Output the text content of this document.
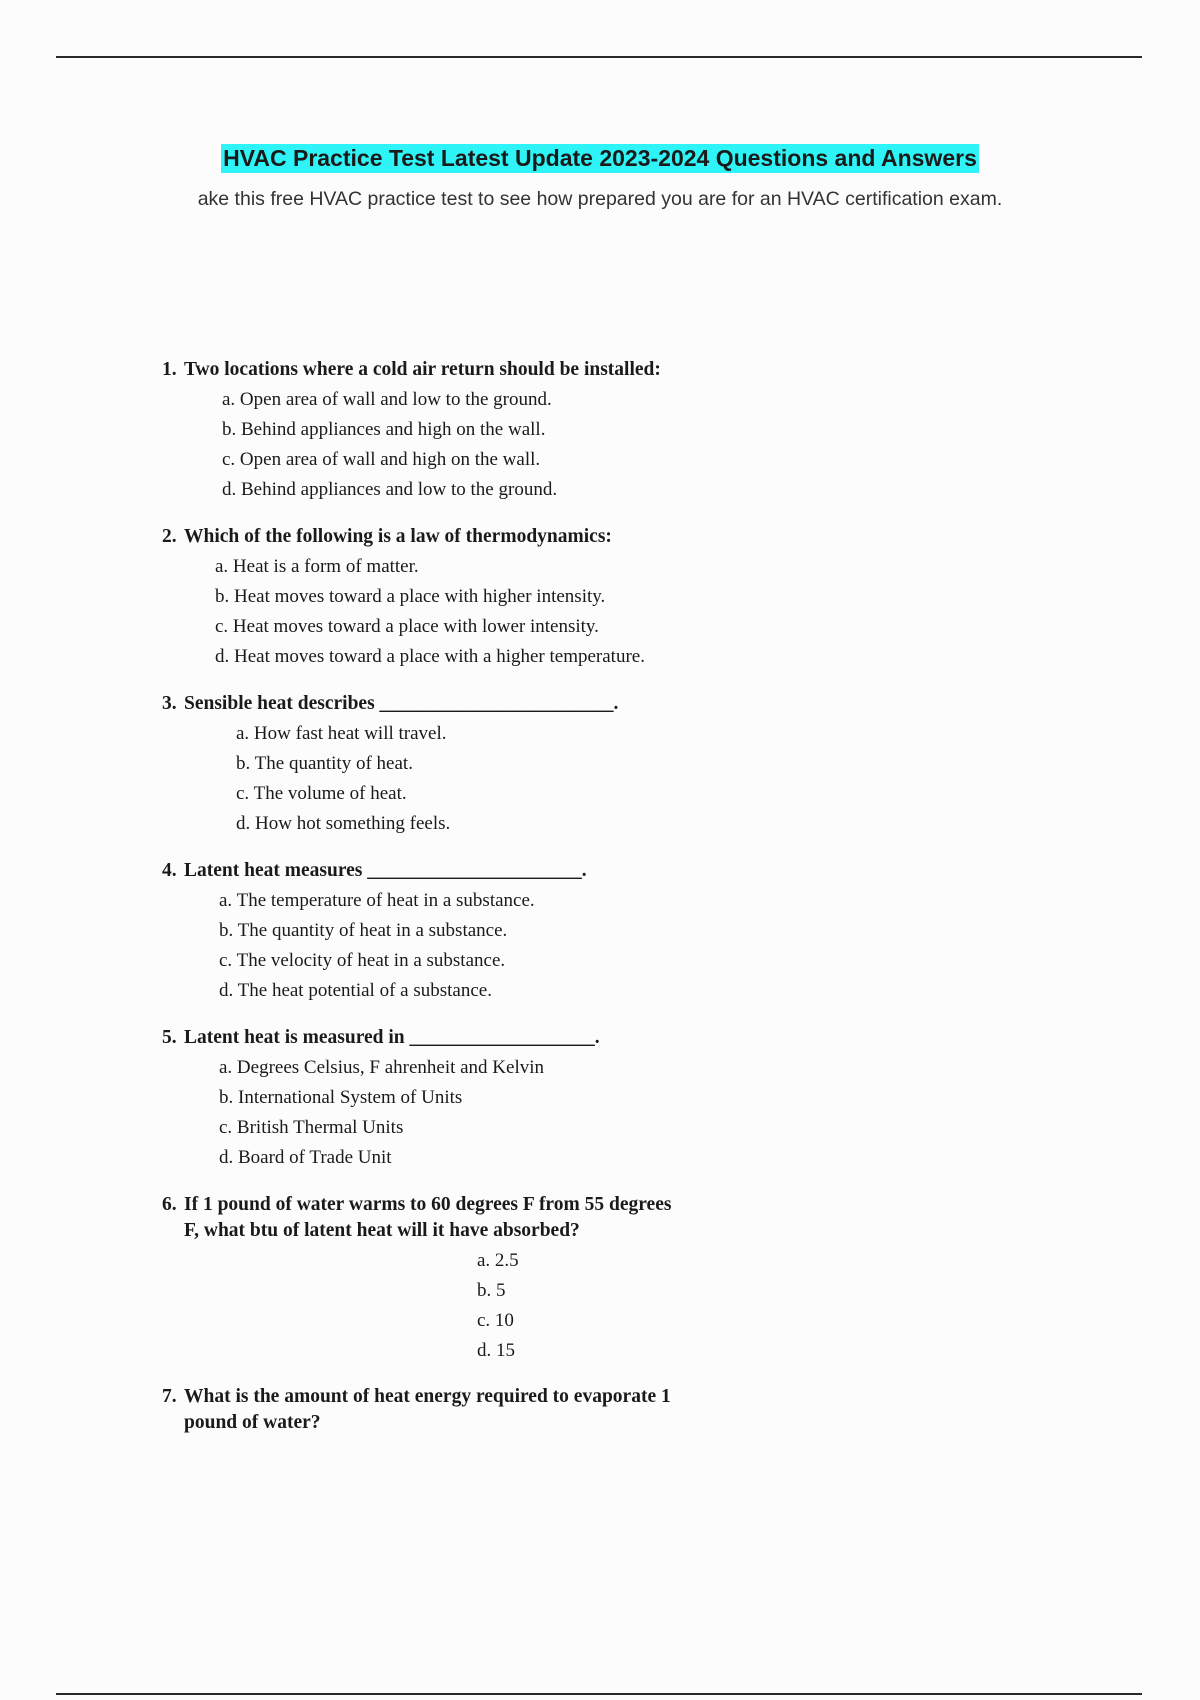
HVAC Practice Test Latest Update 2023-2024 Questions and Answers
ake this free HVAC practice test to see how prepared you are for an HVAC certification exam.
1. Two locations where a cold air return should be installed:
a. Open area of wall and low to the ground.
b. Behind appliances and high on the wall.
c. Open area of wall and high on the wall.
d. Behind appliances and low to the ground.
2. Which of the following is a law of thermodynamics:
a. Heat is a form of matter.
b. Heat moves toward a place with higher intensity.
c. Heat moves toward a place with lower intensity.
d. Heat moves toward a place with a higher temperature.
3. Sensible heat describes ________________________.
a. How fast heat will travel.
b. The quantity of heat.
c. The volume of heat.
d. How hot something feels.
4. Latent heat measures ______________________.
a. The temperature of heat in a substance.
b. The quantity of heat in a substance.
c. The velocity of heat in a substance.
d. The heat potential of a substance.
5. Latent heat is measured in ___________________.
a. Degrees Celsius, F ahrenheit and Kelvin
b. International System of Units
c. British Thermal Units
d. Board of Trade Unit
6. If 1 pound of water warms to 60 degrees F from 55 degrees
F, what btu of latent heat will it have absorbed?
a. 2.5
b. 5
c. 10
d. 15
7. What is the amount of heat energy required to evaporate 1
pound of water?
